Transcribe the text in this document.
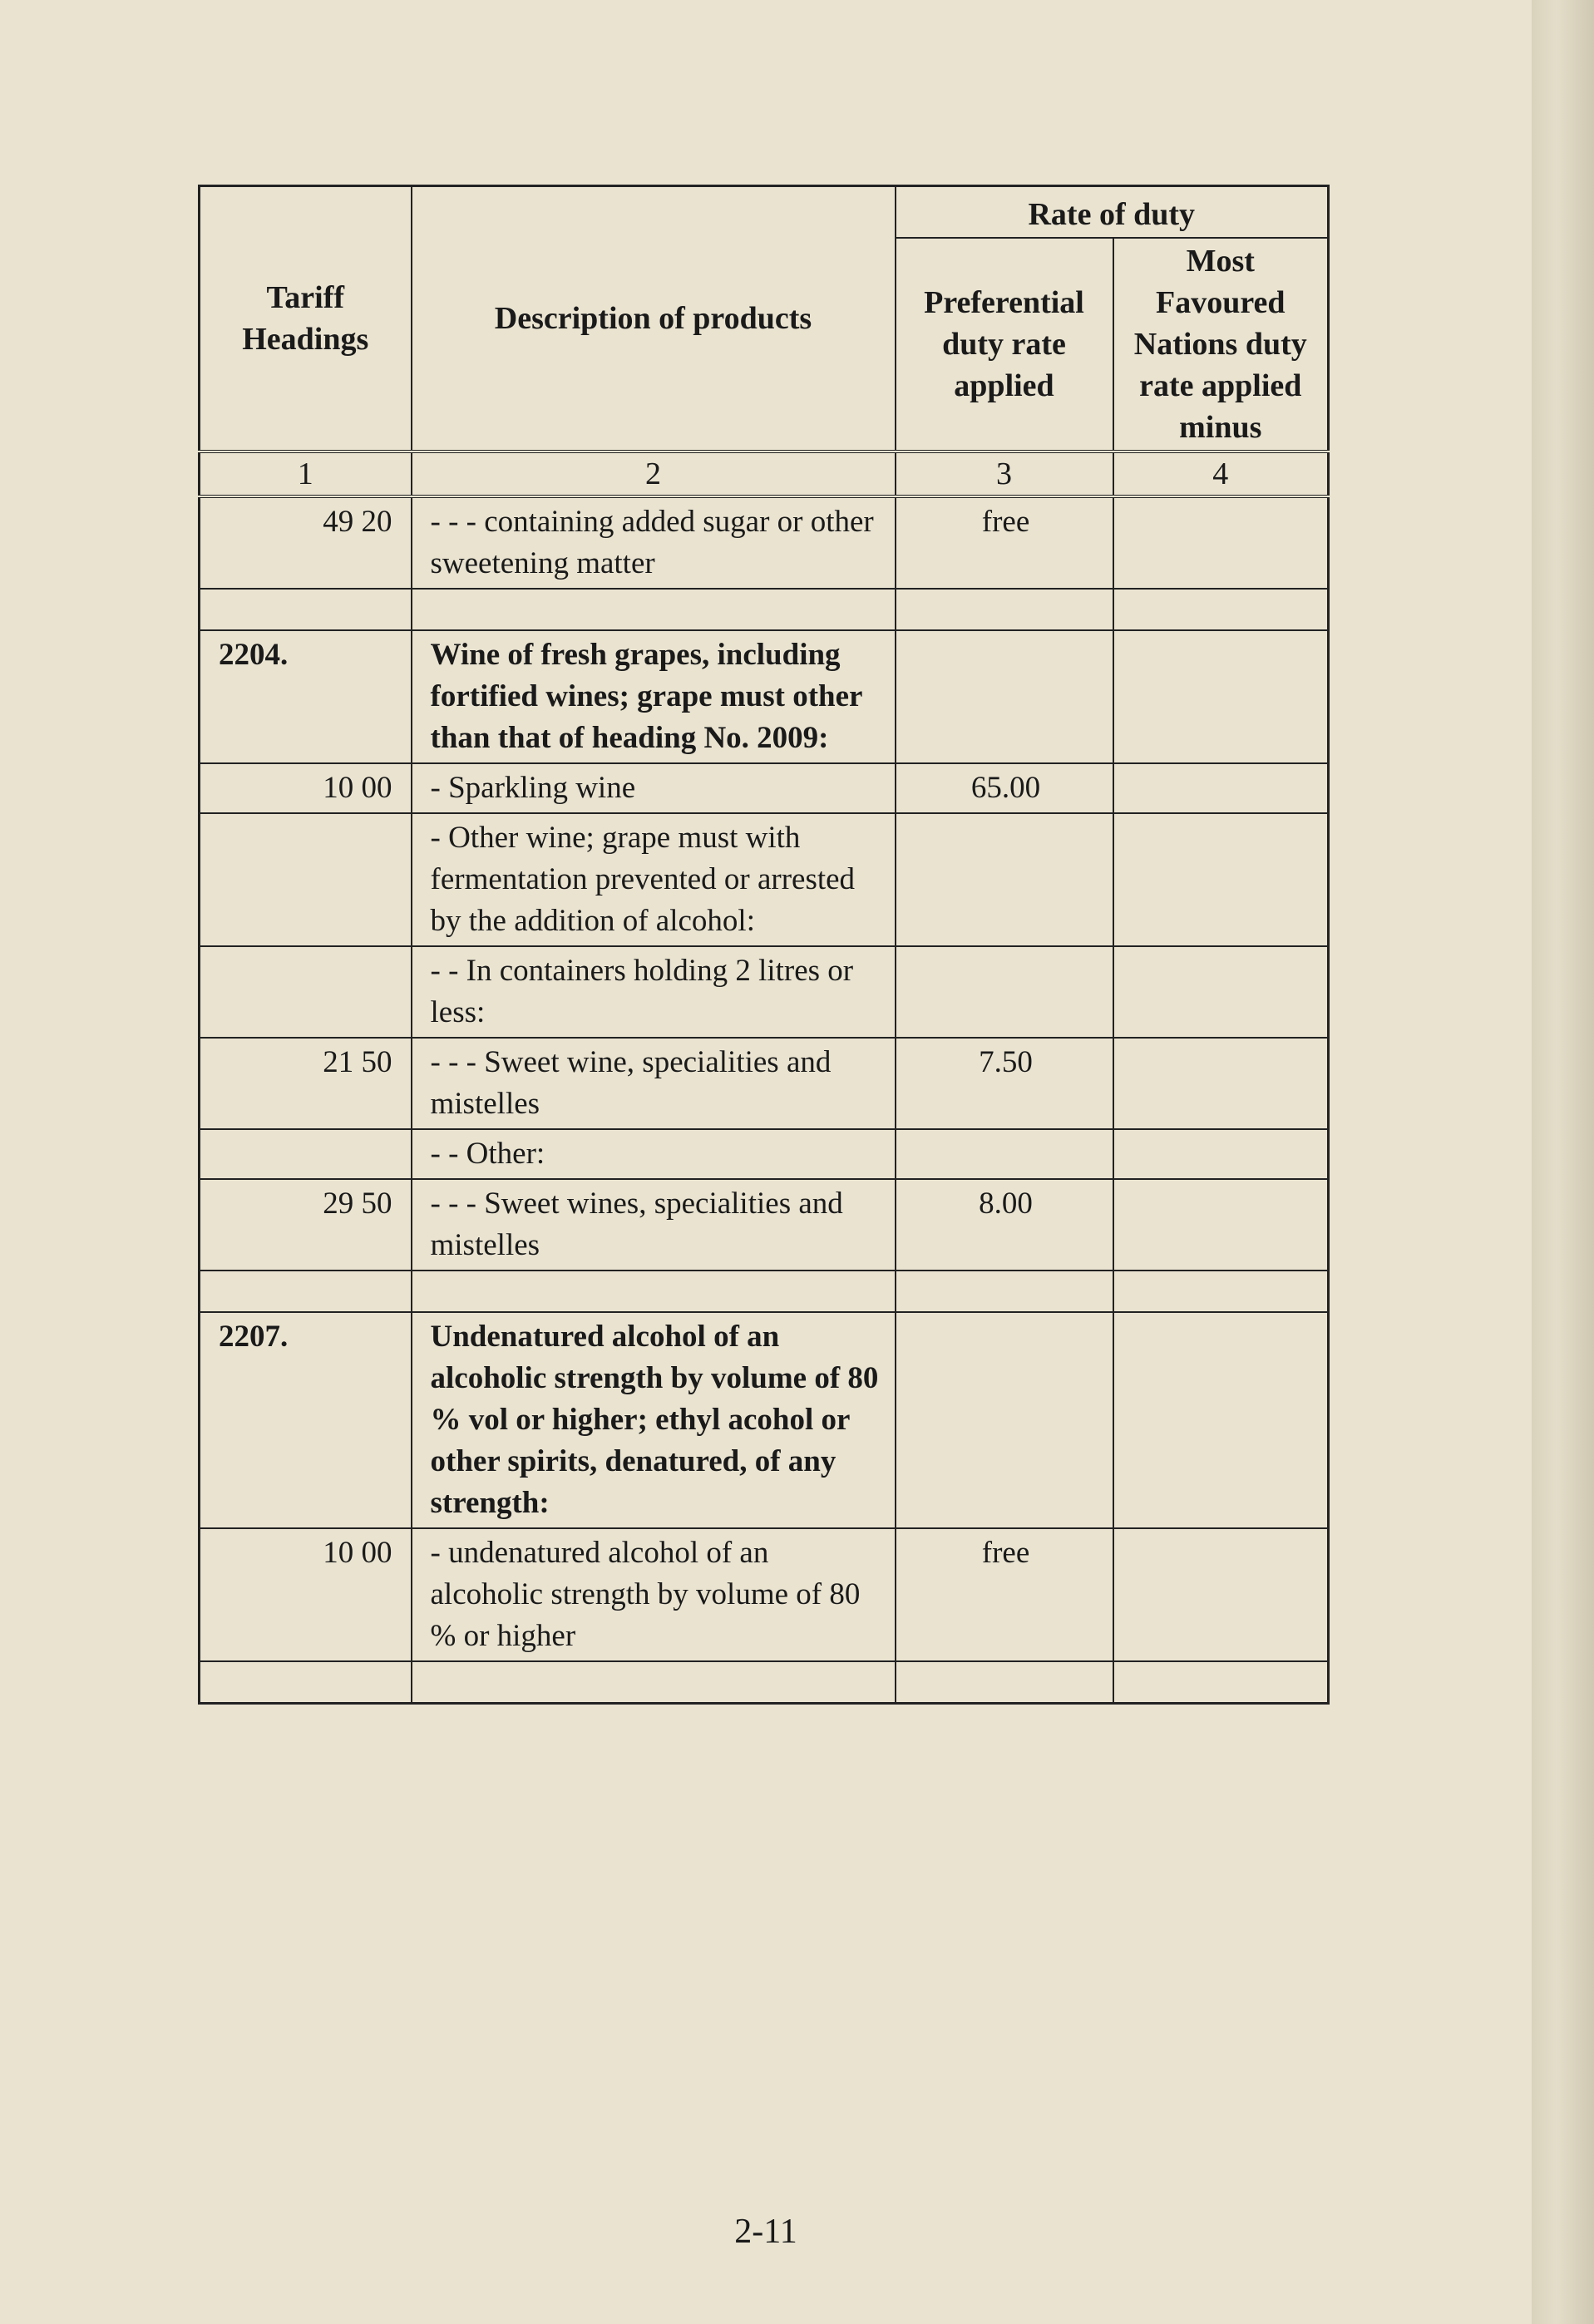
Tariff Headings	Description of products	Rate of duty	
		Preferential duty rate applied	Most Favoured Nations duty rate applied minus
1	2	3	4
49 20	- - - containing added sugar or other sweetening matter	free	

2204.	Wine of fresh grapes, including fortified wines; grape must other than that of heading No. 2009:		
10 00	- Sparkling wine	65.00	
	- Other wine; grape must with fermentation prevented or arrested by the addition of alcohol:		
	- - In containers holding 2 litres or less:		
21 50	- - - Sweet wine, specialities and mistelles	7.50	
	- - Other:		
29 50	- - - Sweet wines, specialities and mistelles	8.00	

2207.	Undenatured alcohol of an alcoholic strength by volume of 80 % vol or higher; ethyl acohol or other spirits, denatured, of any strength:		
10 00	- undenatured alcohol of an alcoholic strength by volume of 80 % or higher	free	

2-11
